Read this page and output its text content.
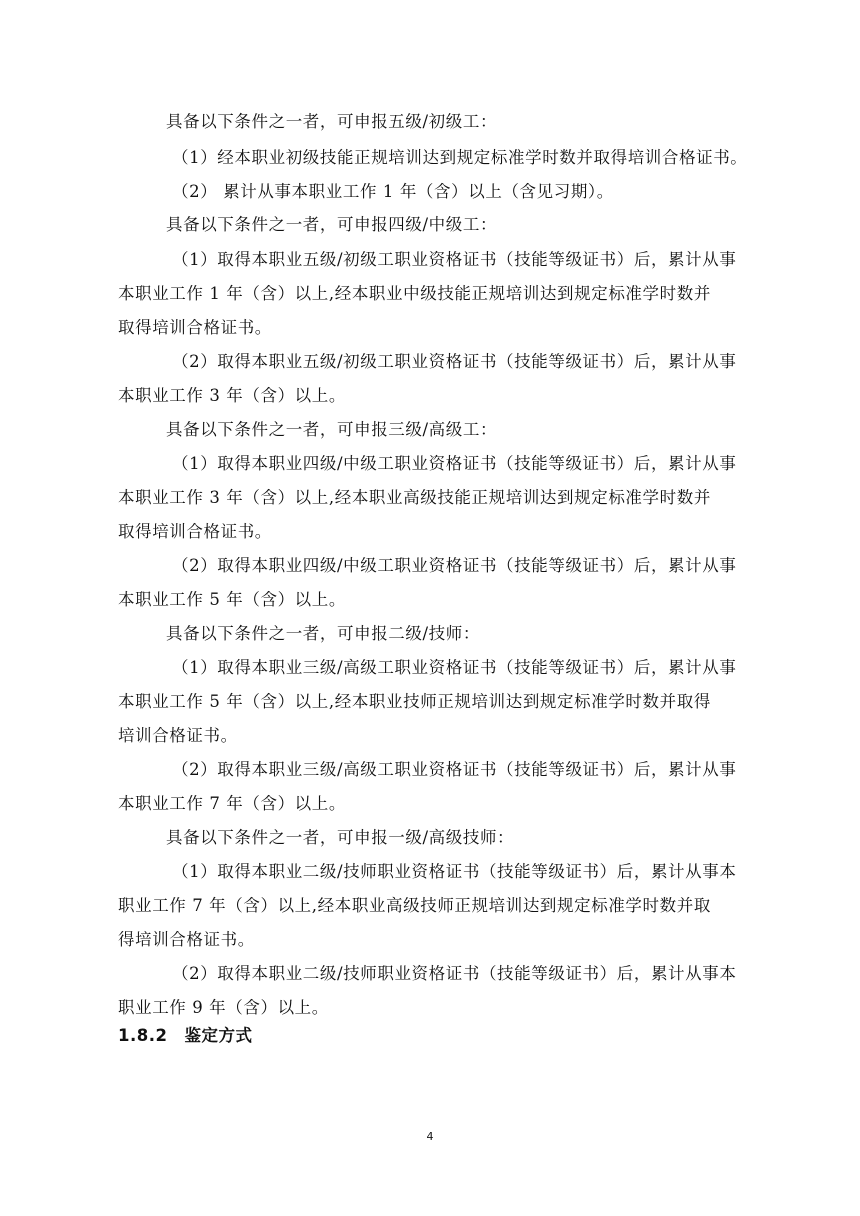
具备以下条件之一者，可申报五级/初级工：
（1）经本职业初级技能正规培训达到规定标准学时数并取得培训合格证书。
（2） 累计从事本职业工作 1 年（含）以上（含见习期）。
具备以下条件之一者，可申报四级/中级工：
（1）取得本职业五级/初级工职业资格证书（技能等级证书）后，累计从事
本职业工作 1 年（含）以上,经本职业中级技能正规培训达到规定标准学时数并
取得培训合格证书。
（2）取得本职业五级/初级工职业资格证书（技能等级证书）后，累计从事
本职业工作 3 年（含）以上。
具备以下条件之一者，可申报三级/高级工：
（1）取得本职业四级/中级工职业资格证书（技能等级证书）后，累计从事
本职业工作 3 年（含）以上,经本职业高级技能正规培训达到规定标准学时数并
取得培训合格证书。
（2）取得本职业四级/中级工职业资格证书（技能等级证书）后，累计从事
本职业工作 5 年（含）以上。
具备以下条件之一者，可申报二级/技师：
（1）取得本职业三级/高级工职业资格证书（技能等级证书）后，累计从事
本职业工作 5 年（含）以上,经本职业技师正规培训达到规定标准学时数并取得
培训合格证书。
（2）取得本职业三级/高级工职业资格证书（技能等级证书）后，累计从事
本职业工作 7 年（含）以上。
具备以下条件之一者，可申报一级/高级技师：
（1）取得本职业二级/技师职业资格证书（技能等级证书）后，累计从事本
职业工作 7 年（含）以上,经本职业高级技师正规培训达到规定标准学时数并取
得培训合格证书。
（2）取得本职业二级/技师职业资格证书（技能等级证书）后，累计从事本
职业工作 9 年（含）以上。
1.8.2　鉴定方式
4
